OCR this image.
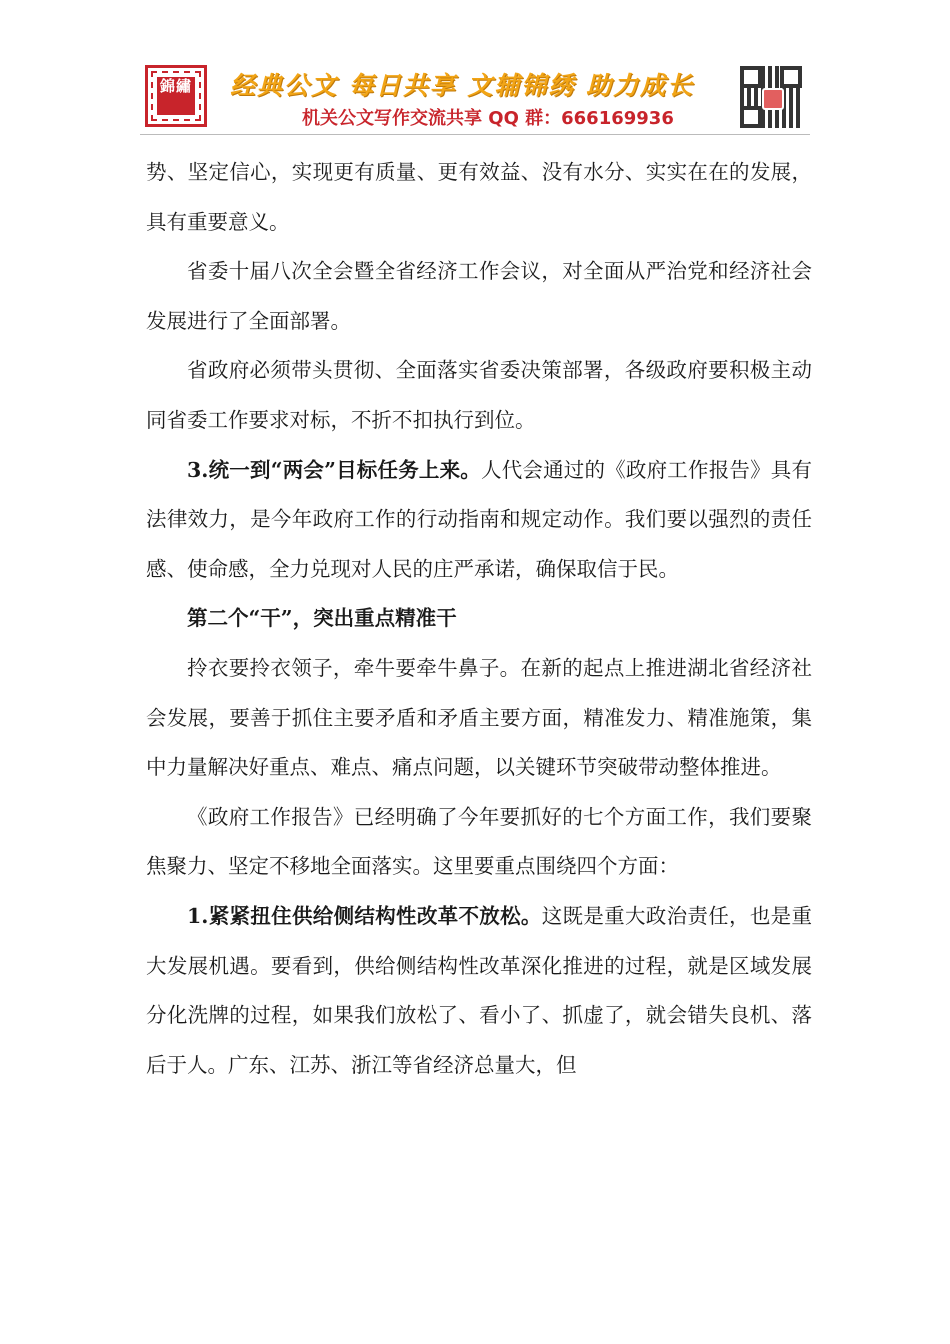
錦繡 经典公文 每日共享 文辅锦绣 助力成长
机关公文写作交流共享 QQ 群：666169936

势、坚定信心，实现更有质量、更有效益、没有水分、实实在在的发展，具有重要意义。

省委十届八次全会暨全省经济工作会议，对全面从严治党和经济社会发展进行了全面部署。

省政府必须带头贯彻、全面落实省委决策部署，各级政府要积极主动同省委工作要求对标，不折不扣执行到位。

3.统一到“两会”目标任务上来。人代会通过的《政府工作报告》具有法律效力，是今年政府工作的行动指南和规定动作。我们要以强烈的责任感、使命感，全力兑现对人民的庄严承诺，确保取信于民。

第二个“干”，突出重点精准干

拎衣要拎衣领子，牵牛要牵牛鼻子。在新的起点上推进湖北省经济社会发展，要善于抓住主要矛盾和矛盾主要方面，精准发力、精准施策，集中力量解决好重点、难点、痛点问题，以关键环节突破带动整体推进。

《政府工作报告》已经明确了今年要抓好的七个方面工作，我们要聚焦聚力、坚定不移地全面落实。这里要重点围绕四个方面：

1.紧紧扭住供给侧结构性改革不放松。这既是重大政治责任，也是重大发展机遇。要看到，供给侧结构性改革深化推进的过程，就是区域发展分化洗牌的过程，如果我们放松了、看小了、抓虚了，就会错失良机、落后于人。广东、江苏、浙江等省经济总量大，但
